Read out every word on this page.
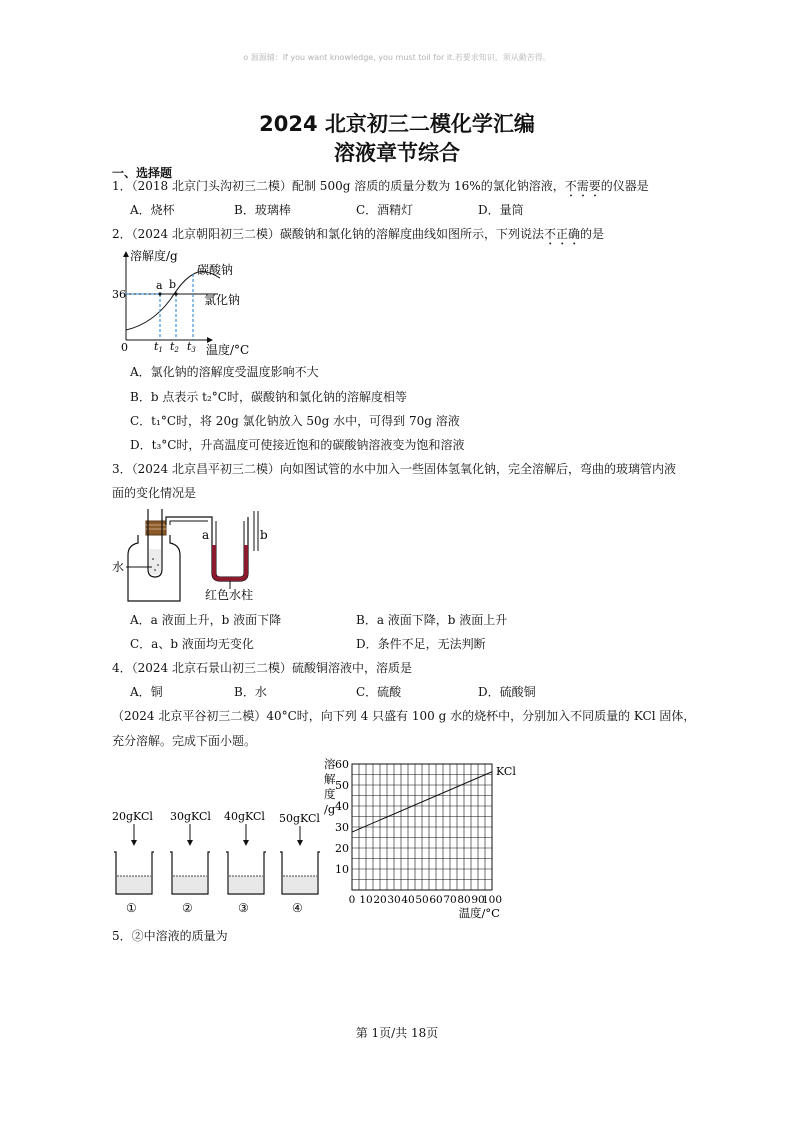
o 源源辅：If you want knowledge, you must toil for it.若要求知识，须从勤苦得。
2024 北京初三二模化学汇编
溶液章节综合
一、选择题
1．（2018 北京门头沟初三二模）配制 500g 溶质的质量分数为 16%的氯化钠溶液，不需要的仪器是
A．烧杯	B．玻璃棒	C．酒精灯	D．量筒
2．（2024 北京朝阳初三二模）碳酸钠和氯化钠的溶解度曲线如图所示，下列说法不正确的是
溶解度/g
36
0
a b
碳酸钠
氯化钠
t1 t2 t3 温度/°C
A．氯化钠的溶解度受温度影响不大
B．b 点表示 t₂°C时，碳酸钠和氯化钠的溶解度相等
C．t₁°C时，将 20g 氯化钠放入 50g 水中，可得到 70g 溶液
D．t₃°C时，升高温度可使接近饱和的碳酸钠溶液变为饱和溶液
3．（2024 北京昌平初三二模）向如图试管的水中加入一些固体氢氧化钠，完全溶解后，弯曲的玻璃管内液
面的变化情况是
a	b
水
红色水柱
A．a 液面上升，b 液面下降	B．a 液面下降，b 液面上升
C．a、b 液面均无变化	D．条件不足，无法判断
4．（2024 北京石景山初三二模）硫酸铜溶液中，溶质是
A．铜	B．水	C．硫酸	D．硫酸铜
（2024 北京平谷初三二模）40°C时，向下列 4 只盛有 100 g 水的烧杯中，分别加入不同质量的 KCl 固体，
充分溶解。完成下面小题。
20gKCl
①
30gKCl
②
40gKCl
③
50gKCl
④
10
20
30
40
50
60
0 10 20 30 40 50 60 70 80 90
100
KCl
溶
解
度
/g
温度/°C
5．②中溶液的质量为
第 1页/共 18页
